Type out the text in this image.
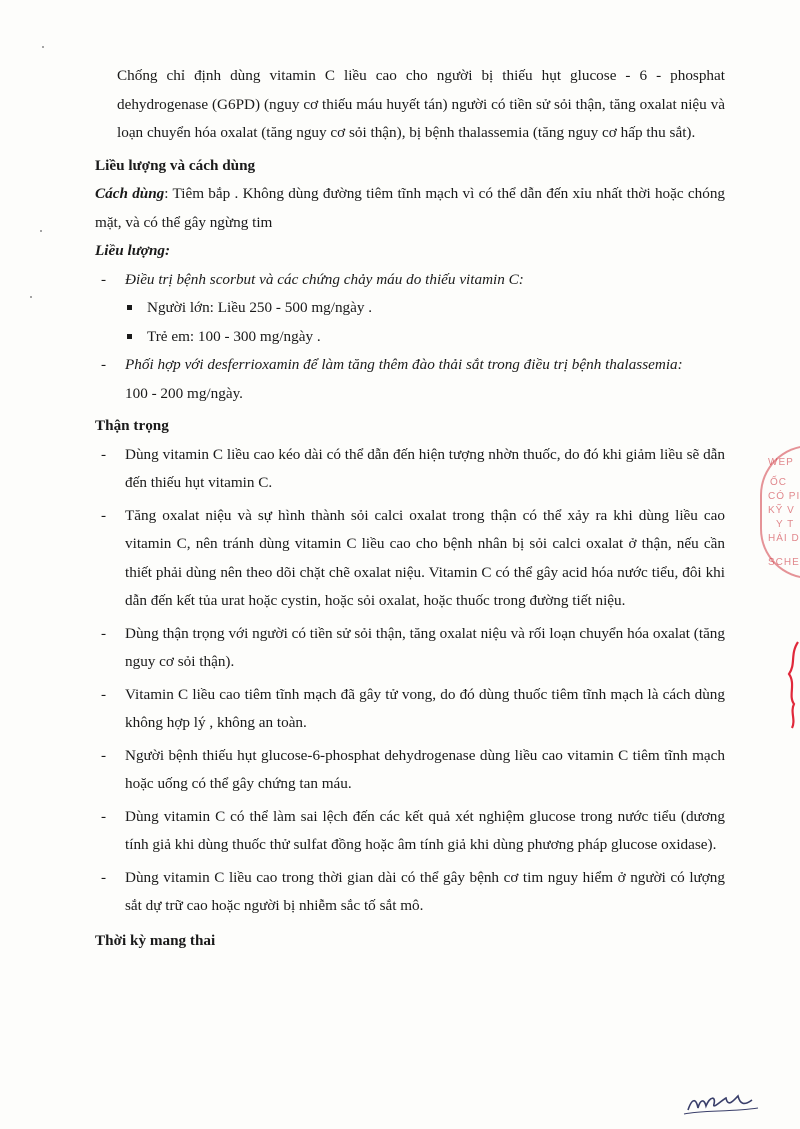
Chống chỉ định dùng vitamin C liều cao cho người bị thiếu hụt glucose - 6 - phosphat dehydrogenase (G6PD) (nguy cơ thiếu máu huyết tán) người có tiền sử sỏi thận, tăng oxalat niệu và loạn chuyển hóa oxalat (tăng nguy cơ sỏi thận), bị bệnh thalassemia (tăng nguy cơ hấp thu sắt).

Liều lượng và cách dùng

Cách dùng: Tiêm bắp . Không dùng đường tiêm tĩnh mạch vì có thể dẫn đến xỉu nhất thời hoặc chóng mặt, và có thể gây ngừng tim

Liều lượng:

- Điều trị bệnh scorbut và các chứng chảy máu do thiếu vitamin C:
Người lớn: Liều 250 - 500 mg/ngày .
Trẻ em: 100 - 300 mg/ngày .
- Phối hợp với desferrioxamin để làm tăng thêm đào thải sắt trong điều trị bệnh thalassemia:
100 - 200 mg/ngày.

Thận trọng

- Dùng vitamin C liều cao kéo dài có thể dẫn đến hiện tượng nhờn thuốc, do đó khi giảm liều sẽ dẫn đến thiếu hụt vitamin C.
- Tăng oxalat niệu và sự hình thành sỏi calci oxalat trong thận có thể xảy ra khi dùng liều cao vitamin C, nên tránh dùng vitamin C liều cao cho bệnh nhân bị sỏi calci oxalat ở thận, nếu cần thiết phải dùng nên theo dõi chặt chẽ oxalat niệu. Vitamin C có thể gây acid hóa nước tiểu, đôi khi dẫn đến kết tủa urat hoặc cystin, hoặc sỏi oxalat, hoặc thuốc trong đường tiết niệu.
- Dùng thận trọng với người có tiền sử sỏi thận, tăng oxalat niệu và rối loạn chuyển hóa oxalat (tăng nguy cơ sỏi thận).
- Vitamin C liều cao tiêm tĩnh mạch đã gây tử vong, do đó dùng thuốc tiêm tĩnh mạch là cách dùng không hợp lý , không an toàn.
- Người bệnh thiếu hụt glucose-6-phosphat dehydrogenase dùng liều cao vitamin C tiêm tĩnh mạch hoặc uống có thể gây chứng tan máu.
- Dùng vitamin C có thể làm sai lệch đến các kết quả xét nghiệm glucose trong nước tiểu (dương tính giả khi dùng thuốc thử sulfat đồng hoặc âm tính giả khi dùng phương pháp glucose oxidase).
- Dùng vitamin C liều cao trong thời gian dài có thể gây bệnh cơ tim nguy hiểm ở người có lượng sắt dự trữ cao hoặc người bị nhiễm sắc tố sắt mô.

Thời kỳ mang thai

WEP
ỐC
CÓ PI
KỸ V
Y T
HÁI D
SCHE
